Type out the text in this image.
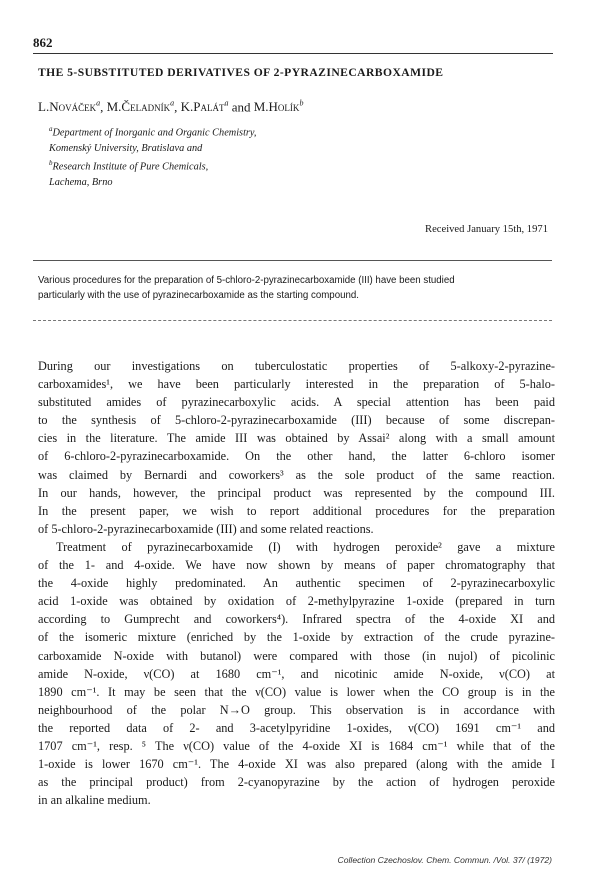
862
THE 5-SUBSTITUTED DERIVATIVES OF 2-PYRAZINECARBOXAMIDE
L.Nováček$^a$, M.Čeladník$^a$, K.Palát$^a$ and M.Holík$^b$

$^a$Department of Inorganic and Organic Chemistry,

Komenský University, Bratislava and

$^b$Research Institute of Pure Chemicals,

Lachema, Brno

Received January 15th, 1971

Various procedures for the preparation of 5-chloro-2-pyrazinecarboxamide (III) have been studied

particularly with the use of pyrazinecarboxamide as the starting compound.

During our investigations on tuberculostatic properties of 5-alkoxy-2-pyrazine-

carboxamides¹, we have been particularly interested in the preparation of 5-halo-

substituted amides of pyrazinecarboxylic acids. A special attention has been paid

to the synthesis of 5-chloro-2-pyrazinecarboxamide (III) because of some discrepan-

cies in the literature. The amide III was obtained by Assai² along with a small amount

of 6-chloro-2-pyrazinecarboxamide. On the other hand, the latter 6-chloro isomer

was claimed by Bernardi and coworkers³ as the sole product of the same reaction.

In our hands, however, the principal product was represented by the compound III.

In the present paper, we wish to report additional procedures for the preparation

of 5-chloro-2-pyrazinecarboxamide (III) and some related reactions.

Treatment of pyrazinecarboxamide (I) with hydrogen peroxide² gave a mixture

of the 1- and 4-oxide. We have now shown by means of paper chromatography that

the 4-oxide highly predominated. An authentic specimen of 2-pyrazinecarboxylic

acid 1-oxide was obtained by oxidation of 2-methylpyrazine 1-oxide (prepared in turn

according to Gumprecht and coworkers⁴). Infrared spectra of the 4-oxide XI and

of the isomeric mixture (enriched by the 1-oxide by extraction of the crude pyrazine-

carboxamide N-oxide with butanol) were compared with those (in nujol) of picolinic

amide N-oxide, ν(CO) at 1680 cm⁻¹, and nicotinic amide N-oxide, ν(CO) at

1890 cm⁻¹. It may be seen that the ν(CO) value is lower when the CO group is in the

neighbourhood of the polar N→O group. This observation is in accordance with

the reported data of 2- and 3-acetylpyridine 1-oxides, ν(CO) 1691 cm⁻¹ and

1707 cm⁻¹, resp. ⁵ The ν(CO) value of the 4-oxide XI is 1684 cm⁻¹ while that of the

1-oxide is lower 1670 cm⁻¹. The 4-oxide XI was also prepared (along with the amide I

as the principal product) from 2-cyanopyrazine by the action of hydrogen peroxide

in an alkaline medium.

Collection Czechoslov. Chem. Commun. /Vol. 37/ (1972)
